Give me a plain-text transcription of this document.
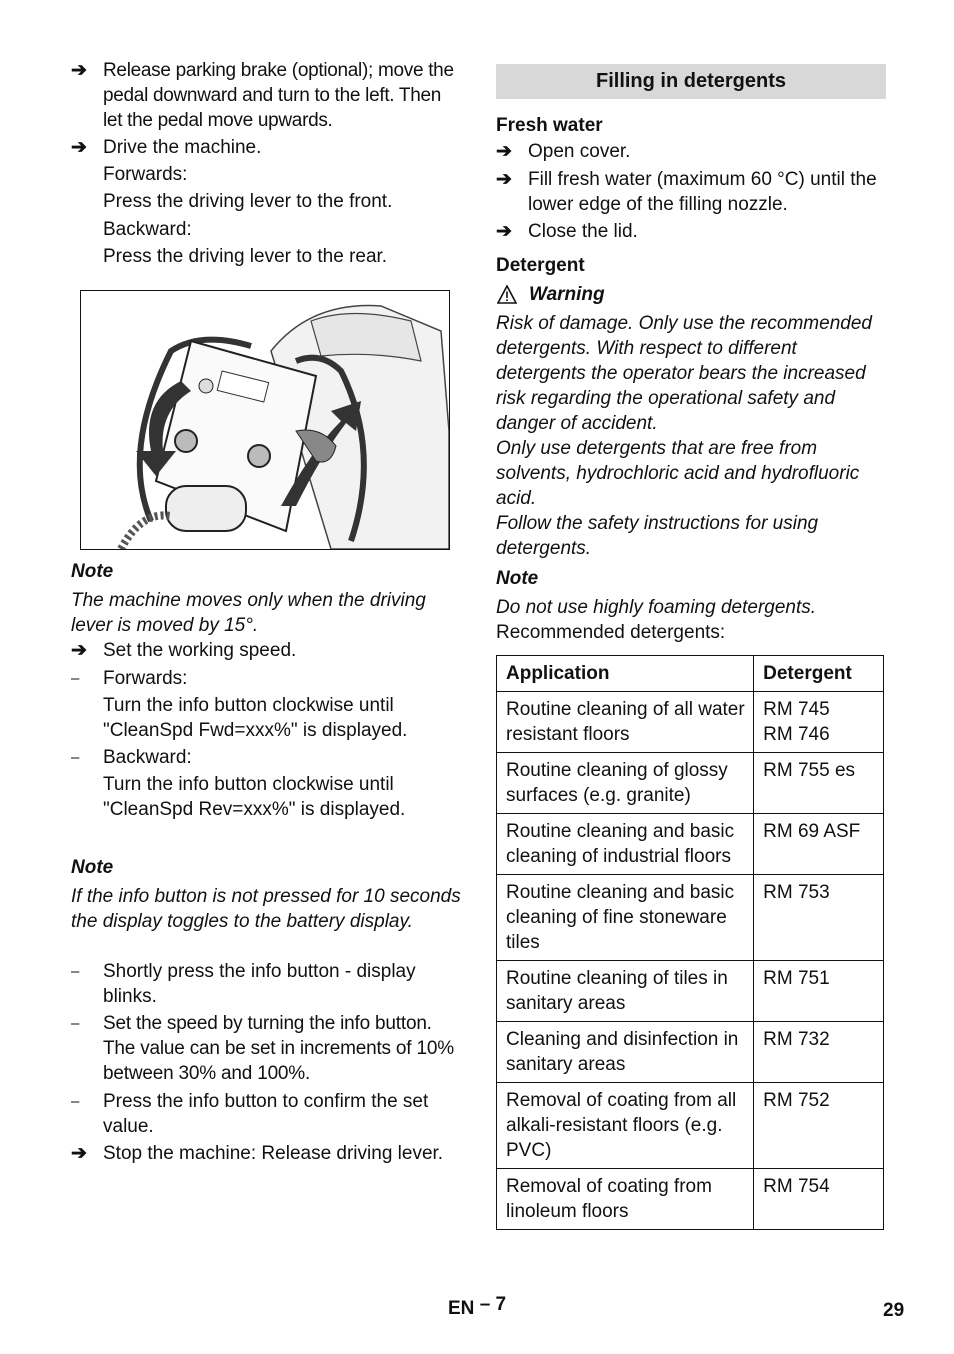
➔ Release parking brake (optional); move the pedal downward and turn to the left. Then let the pedal move upwards.
➔ Drive the machine.
Forwards:
Press the driving lever to the front.
Backward:
Press the driving lever to the rear.
Note
The machine moves only when the driving lever is moved by 15°.
➔ Set the working speed.
– Forwards:
Turn the info button clockwise until "CleanSpd Fwd=xxx%" is displayed.
– Backward:
Turn the info button clockwise until "CleanSpd Rev=xxx%" is displayed.
Note
If the info button is not pressed for 10 seconds the display toggles to the battery display.
– Shortly press the info button - display blinks.
– Set the speed by turning the info button. The value can be set in increments of 10% between 30% and 100%.
– Press the info button to confirm the set value.
➔ Stop the machine: Release driving lever.
Filling in detergents
Fresh water
➔ Open cover.
➔ Fill fresh water (maximum 60 °C) until the lower edge of the filling nozzle.
➔ Close the lid.
Detergent
Warning
Risk of damage. Only use the recommended detergents. With respect to different detergents the operator bears the increased risk regarding the operational safety and danger of accident.
Only use detergents that are free from solvents, hydrochloric acid and hydrofluoric acid.
Follow the safety instructions for using detergents.
Note
Do not use highly foaming detergents.
Recommended detergents:
Application	Detergent
Routine cleaning of all water resistant floors	RM 745
RM 746
Routine cleaning of glossy surfaces (e.g. granite)	RM 755 es
Routine cleaning and basic cleaning of industrial floors	RM 69 ASF
Routine cleaning and basic cleaning of fine stoneware tiles	RM 753
Routine cleaning of tiles in sanitary areas	RM 751
Cleaning and disinfection in sanitary areas	RM 732
Removal of coating from all alkali-resistant floors (e.g. PVC)	RM 752
Removal of coating from linoleum floors	RM 754
EN – 7	29
